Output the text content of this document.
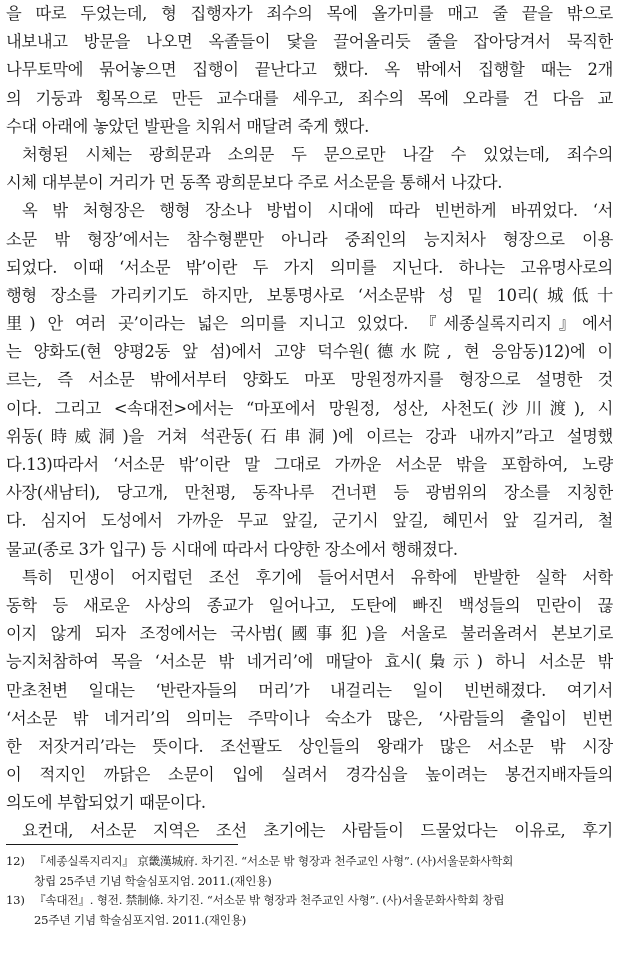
을 따로 두었는데, 형 집행자가 죄수의 목에 올가미를 매고 줄 끝을 밖으로
내보내고 방문을 나오면 옥졸들이 닻을 끌어올리듯 줄을 잡아당겨서 묵직한
나무토막에 묶어놓으면 집행이 끝난다고 했다. 옥 밖에서 집행할 때는 2개
의 기둥과 횡목으로 만든 교수대를 세우고, 죄수의 목에 오라를 건 다음 교
수대 아래에 놓았던 발판을 치워서 매달려 죽게 했다.
처형된 시체는 광희문과 소의문 두 문으로만 나갈 수 있었는데, 죄수의
시체 대부분이 거리가 먼 동쪽 광희문보다 주로 서소문을 통해서 나갔다.
옥 밖 처형장은 행형 장소나 방법이 시대에 따라 빈번하게 바뀌었다. ‘서
소문 밖 형장’에서는 참수형뿐만 아니라 중죄인의 능지처사 형장으로 이용
되었다. 이때 ‘서소문 밖’이란 두 가지 의미를 지닌다. 하나는 고유명사로의
행형 장소를 가리키기도 하지만, 보통명사로 ‘서소문밖 성 밑 10리(城低十
里) 안 여러 곳’이라는 넓은 의미를 지니고 있었다. 『세종실록지리지』에서
는 양화도(현 양평2동 앞 섬)에서 고양 덕수원(德水院, 현 응암동)12)에 이
르는, 즉 서소문 밖에서부터 양화도 마포 망원정까지를 형장으로 설명한 것
이다. 그리고 <속대전>에서는 “마포에서 망원정, 성산, 사천도(沙川渡), 시
위동(時威洞)을 거쳐 석관동(石串洞)에 이르는 강과 내까지”라고 설명했
다.13)따라서 ‘서소문 밖’이란 말 그대로 가까운 서소문 밖을 포함하여, 노량
사장(새남터), 당고개, 만천평, 동작나루 건너편 등 광범위의 장소를 지칭한
다. 심지어 도성에서 가까운 무교 앞길, 군기시 앞길, 혜민서 앞 길거리, 철
물교(종로 3가 입구) 등 시대에 따라서 다양한 장소에서 행해졌다.
특히 민생이 어지럽던 조선 후기에 들어서면서 유학에 반발한 실학 서학
동학 등 새로운 사상의 종교가 일어나고, 도탄에 빠진 백성들의 민란이 끊
이지 않게 되자 조정에서는 국사범(國事犯)을 서울로 불러올려서 본보기로
능지처참하여 목을 ‘서소문 밖 네거리’에 매달아 효시(梟示) 하니 서소문 밖
만초천변 일대는 ‘반란자들의 머리’가 내걸리는 일이 빈번해졌다. 여기서
‘서소문 밖 네거리’의 의미는 주막이나 숙소가 많은, ‘사람들의 출입이 빈번
한 저잣거리’라는 뜻이다. 조선팔도 상인들의 왕래가 많은 서소문 밖 시장
이 적지인 까닭은 소문이 입에 실려서 경각심을 높이려는 봉건지배자들의
의도에 부합되었기 때문이다.
요컨대, 서소문 지역은 조선 초기에는 사람들이 드물었다는 이유로, 후기
12) 『세종실록지리지』 京畿漢城府. 차기진. “서소문 밖 형장과 천주교인 사형”. (사)서울문화사학회
창립 25주년 기념 학술심포지엄. 2011.(재인용)
13) 『속대전』. 형전. 禁制條. 차기진. “서소문 밖 형장과 천주교인 사형”. (사)서울문화사학회 창립
25주년 기념 학술심포지엄. 2011.(재인용)
